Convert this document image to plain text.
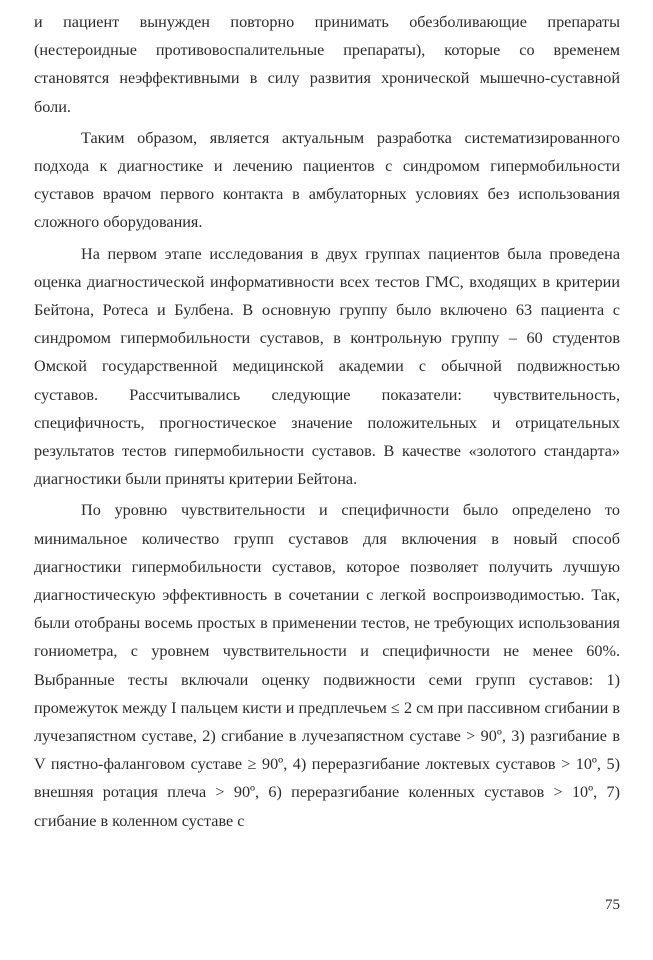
и пациент вынужден повторно принимать обезболивающие препараты (нестероидные противовоспалительные препараты), которые со временем становятся неэффективными в силу развития хронической мышечно-суставной боли.

Таким образом, является актуальным разработка систематизированного подхода к диагностике и лечению пациентов с синдромом гипермобильности суставов врачом первого контакта в амбулаторных условиях без использования сложного оборудования.

На первом этапе исследования в двух группах пациентов была проведена оценка диагностической информативности всех тестов ГМС, входящих в критерии Бейтона, Ротеса и Булбена. В основную группу было включено 63 пациента с синдромом гипермобильности суставов, в контрольную группу – 60 студентов Омской государственной медицинской академии с обычной подвижностью суставов. Рассчитывались следующие показатели: чувствительность, специфичность, прогностическое значение положительных и отрицательных результатов тестов гипермобильности суставов. В качестве «золотого стандарта» диагностики были приняты критерии Бейтона.

По уровню чувствительности и специфичности было определено то минимальное количество групп суставов для включения в новый способ диагностики гипермобильности суставов, которое позволяет получить лучшую диагностическую эффективность в сочетании с легкой воспроизводимостью. Так, были отобраны восемь простых в применении тестов, не требующих использования гониометра, с уровнем чувствительности и специфичности не менее 60%. Выбранные тесты включали оценку подвижности семи групп суставов: 1) промежуток между I пальцем кисти и предплечьем ≤ 2 см при пассивном сгибании в лучезапястном суставе, 2) сгибание в лучезапястном суставе > 90º, 3) разгибание в V пястно-фаланговом суставе ≥ 90º, 4) переразгибание локтевых суставов > 10º, 5) внешняя ротация плеча > 90º, 6) переразгибание коленных суставов > 10º, 7) сгибание в коленном суставе с

75
